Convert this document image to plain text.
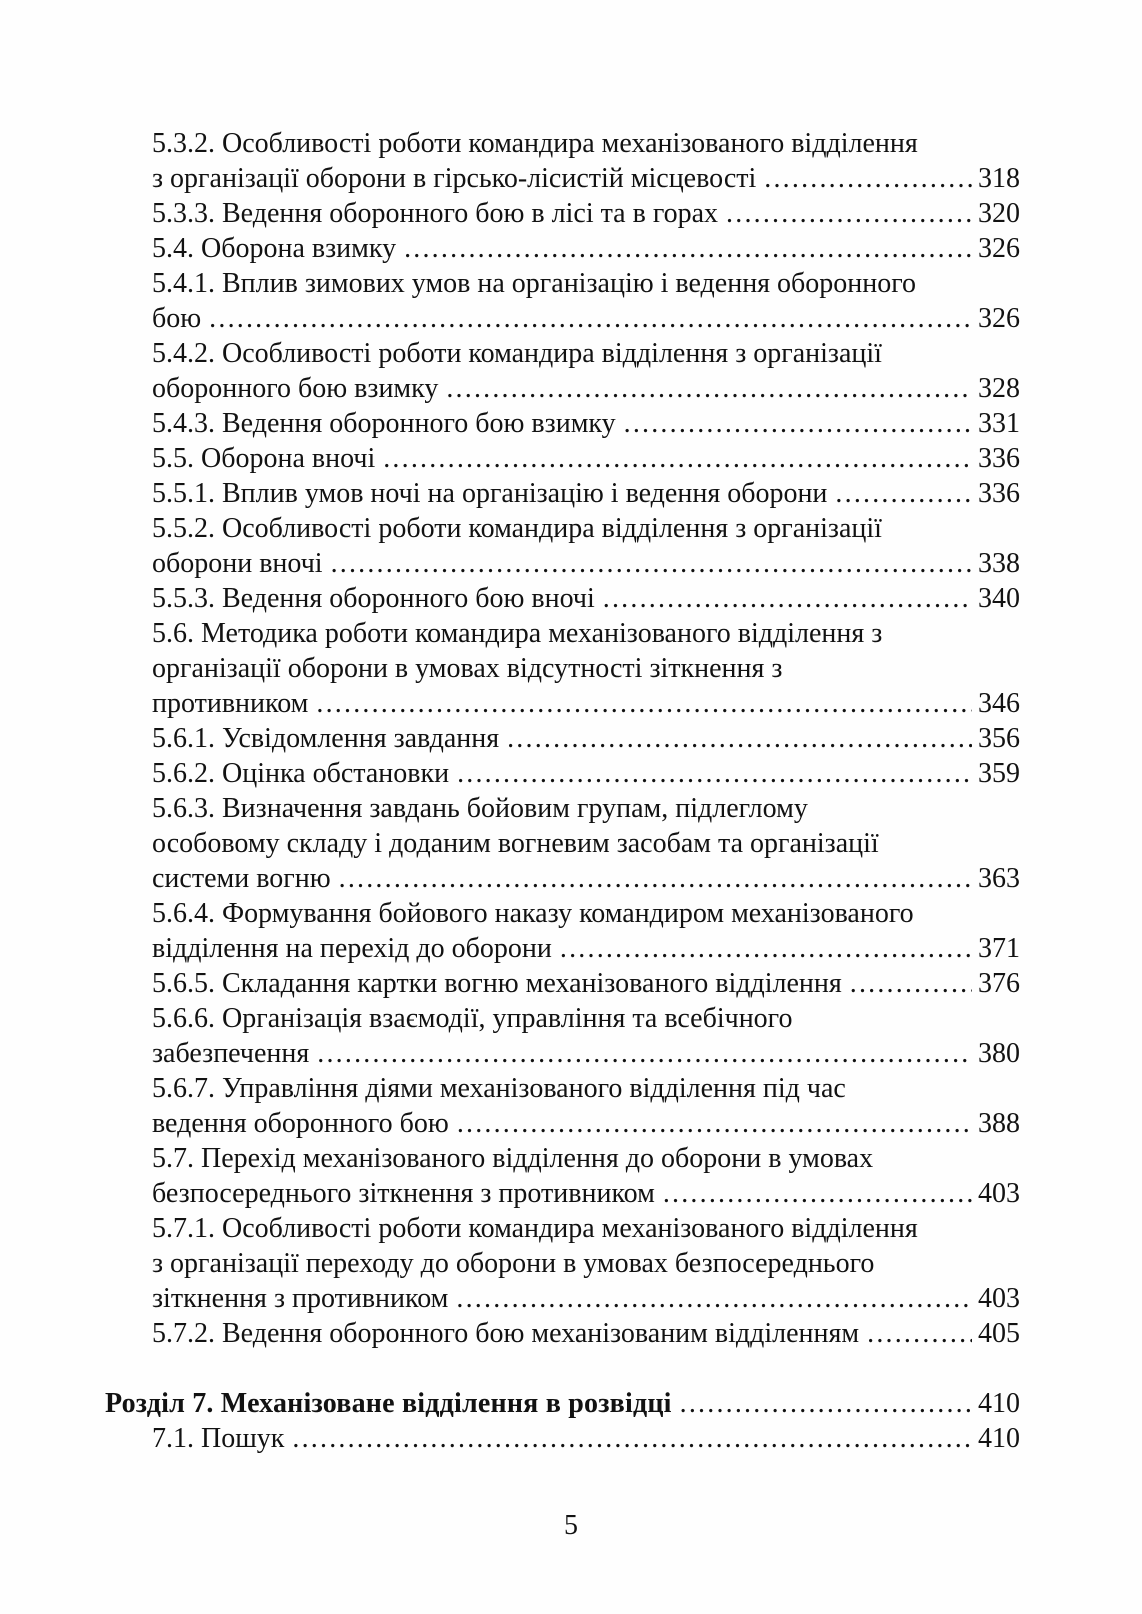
5.3.2. Особливості роботи командира механізованого відділення
з організації оборони в гірсько-лісистій місцевості .....	318
5.3.3. Ведення оборонного бою в лісі та в горах .....	320
5.4. Оборона взимку .....	326
5.4.1. Вплив зимових умов на організацію і ведення оборонного
бою .....	326
5.4.2. Особливості роботи командира відділення з організації
оборонного бою взимку .....	328
5.4.3. Ведення оборонного бою взимку .....	331
5.5. Оборона вночі .....	336
5.5.1. Вплив умов ночі на організацію і ведення оборони .....	336
5.5.2. Особливості роботи командира відділення з організації
оборони вночі .....	338
5.5.3. Ведення оборонного бою вночі .....	340
5.6. Методика роботи командира механізованого відділення з
організації оборони в умовах відсутності зіткнення з
противником .....	346
5.6.1. Усвідомлення завдання .....	356
5.6.2. Оцінка обстановки .....	359
5.6.3. Визначення завдань бойовим групам, підлеглому
особовому складу і доданим вогневим засобам та організації
системи вогню .....	363
5.6.4. Формування бойового наказу командиром механізованого
відділення на перехід до оборони .....	371
5.6.5. Складання картки вогню механізованого відділення .....	376
5.6.6. Організація взаємодії, управління та всебічного
забезпечення .....	380
5.6.7. Управління діями механізованого відділення під час
ведення оборонного бою .....	388
5.7. Перехід механізованого відділення до оборони в умовах
безпосереднього зіткнення з противником .....	403
5.7.1. Особливості роботи командира механізованого відділення
з організації переходу до оборони в умовах безпосереднього
зіткнення з противником .....	403
5.7.2. Ведення оборонного бою механізованим відділенням .....	405
Розділ 7. Механізоване відділення в розвідці .....	410
7.1. Пошук .....	410
5
